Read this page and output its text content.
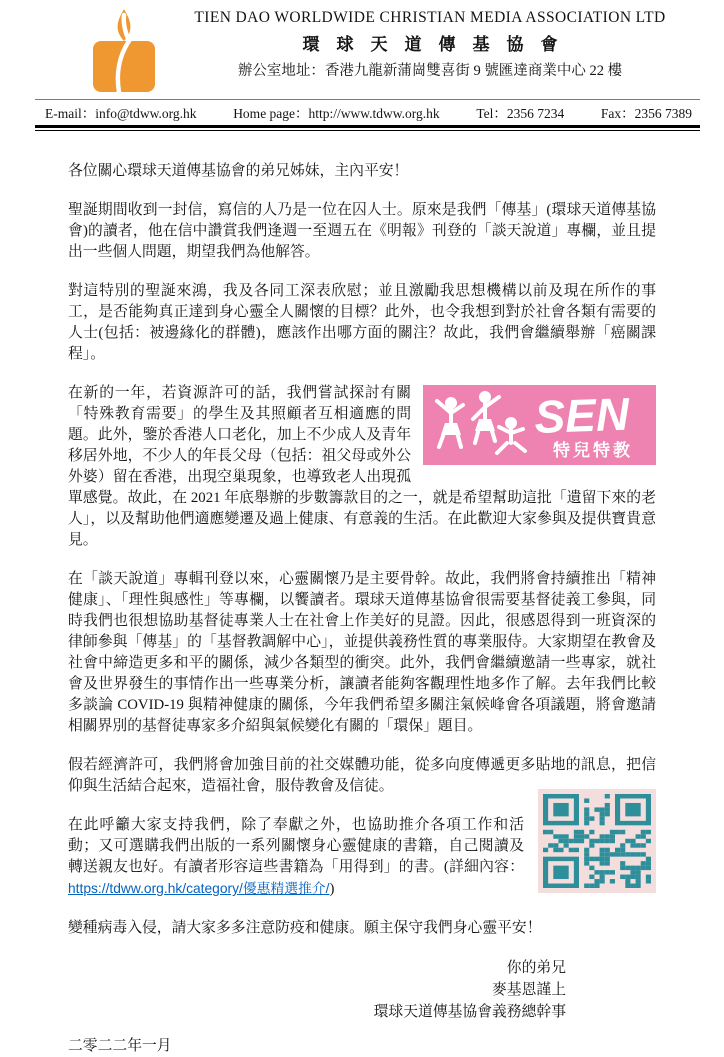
TIEN DAO WORLDWIDE CHRISTIAN MEDIA ASSOCIATION LTD
環球天道傳基協會
辦公室地址：香港九龍新蒲崗雙喜街 9 號匯達商業中心 22 樓
E-mail：info@tdww.org.hk	Home page：http://www.tdww.org.hk	Tel：2356 7234	Fax：2356 7389

各位關心環球天道傳基協會的弟兄姊妹，主內平安！

聖誕期間收到一封信，寫信的人乃是一位在囚人士。原來是我們「傳基」(環球天道傳基協會)的讀者，他在信中讚賞我們逢週一至週五在《明報》刊登的「談天說道」專欄，並且提出一些個人問題，期望我們為他解答。

對這特別的聖誕來鴻，我及各同工深表欣慰；並且激勵我思想機構以前及現在所作的事工，是否能夠真正達到身心靈全人關懷的目標？此外，也令我想到對於社會各類有需要的人士(包括：被邊緣化的群體)，應該作出哪方面的關注？故此，我們會繼續舉辦「癌關課程」。

SEN
特兒特教
在新的一年，若資源許可的話，我們嘗試探討有關「特殊教育需要」的學生及其照顧者互相適應的問題。此外，鑒於香港人口老化，加上不少成人及青年移居外地，不少人的年長父母（包括：祖父母或外公外婆）留在香港，出現空巢現象，也導致老人出現孤單感覺。故此，在 2021 年底舉辦的步數籌款目的之一，就是希望幫助這批「遺留下來的老人」，以及幫助他們適應變遷及過上健康、有意義的生活。在此歡迎大家參與及提供寶貴意見。

在「談天說道」專輯刊登以來，心靈關懷乃是主要骨幹。故此，我們將會持續推出「精神健康」、「理性與感性」等專欄，以饗讀者。環球天道傳基協會很需要基督徒義工參與，同時我們也很想協助基督徒專業人士在社會上作美好的見證。因此，很感恩得到一班資深的律師參與「傳基」的「基督教調解中心」，並提供義務性質的專業服侍。大家期望在教會及社會中締造更多和平的關係，減少各類型的衝突。此外，我們會繼續邀請一些專家，就社會及世界發生的事情作出一些專業分析，讓讀者能夠客觀理性地多作了解。去年我們比較多談論 COVID-19 與精神健康的關係，今年我們希望多關注氣候峰會各項議題，將會邀請相關界別的基督徒專家多介紹與氣候變化有關的「環保」題目。

假若經濟許可，我們將會加強目前的社交媒體功能，從多向度傳遞更多貼地的訊息，把信仰與生活結合起來，造福社會，服侍教會及信徒。

在此呼籲大家支持我們，除了奉獻之外，也協助推介各項工作和活動；又可選購我們出版的一系列關懷身心靈健康的書籍，自己閱讀及轉送親友也好。有讀者形容這些書籍為「用得到」的書。(詳細內容：https://tdww.org.hk/category/優惠精選推介/)

變種病毒入侵，請大家多多注意防疫和健康。願主保守我們身心靈平安！

你的弟兄
麥基恩謹上
環球天道傳基協會義務總幹事
二零二二年一月
